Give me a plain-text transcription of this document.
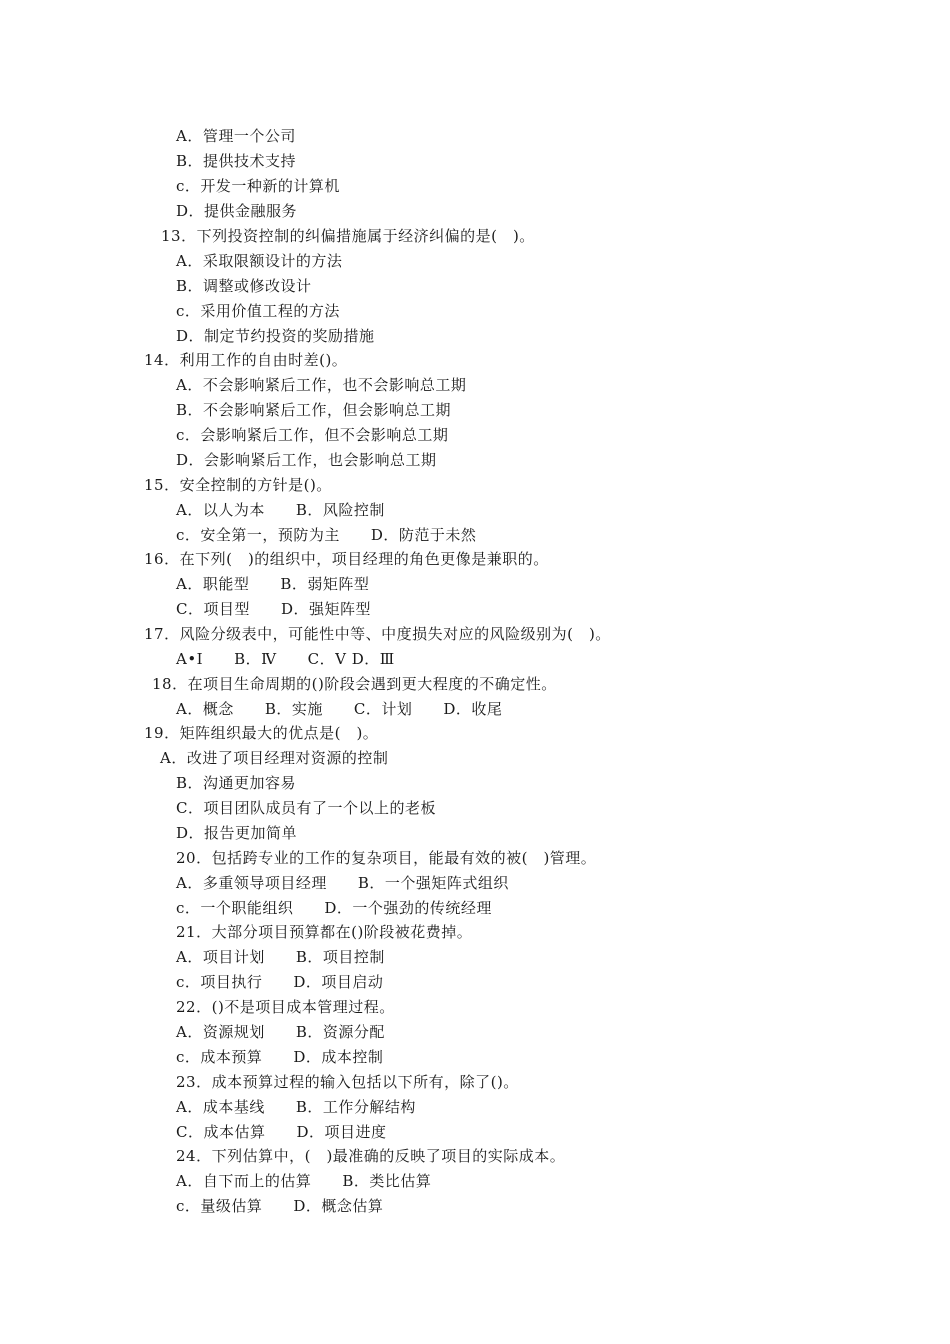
A．管理一个公司
B．提供技术支持
c．开发一种新的计算机
D．提供金融服务
13．下列投资控制的纠偏措施属于经济纠偏的是(　)。
A．采取限额设计的方法
B．调整或修改设计
c．采用价值工程的方法
D．制定节约投资的奖励措施
14．利用工作的自由时差()。
A．不会影响紧后工作，也不会影响总工期
B．不会影响紧后工作，但会影响总工期
c．会影响紧后工作，但不会影响总工期
D．会影响紧后工作，也会影响总工期
15．安全控制的方针是()。
A．以人为本　　B．风险控制
c．安全第一，预防为主　　D．防范于未然
16．在下列(　)的组织中，项目经理的角色更像是兼职的。
A．职能型　　B．弱矩阵型
C．项目型　　D．强矩阵型
17．风险分级表中，可能性中等、中度损失对应的风险级别为(　)。
A•Ⅰ　　B．Ⅳ　　C．Ⅴ D．Ⅲ
18．在项目生命周期的()阶段会遇到更大程度的不确定性。
A．概念　　B．实施　　C．计划　　D．收尾
19．矩阵组织最大的优点是(　)。
A．改进了项目经理对资源的控制
B．沟通更加容易
C．项目团队成员有了一个以上的老板
D．报告更加简单
20．包括跨专业的工作的复杂项目，能最有效的被(　)管理。
A．多重领导项目经理　　B．一个强矩阵式组织
c．一个职能组织　　D．一个强劲的传统经理
21．大部分项目预算都在()阶段被花费掉。
A．项目计划　　B．项目控制
c．项目执行　　D．项目启动
22．()不是项目成本管理过程。
A．资源规划　　B．资源分配
c．成本预算　　D．成本控制
23．成本预算过程的输入包括以下所有，除了()。
A．成本基线　　B．工作分解结构
C．成本估算　　D．项目进度
24．下列估算中，(　)最准确的反映了项目的实际成本。
A．自下而上的估算　　B．类比估算
c．量级估算　　D．概念估算
